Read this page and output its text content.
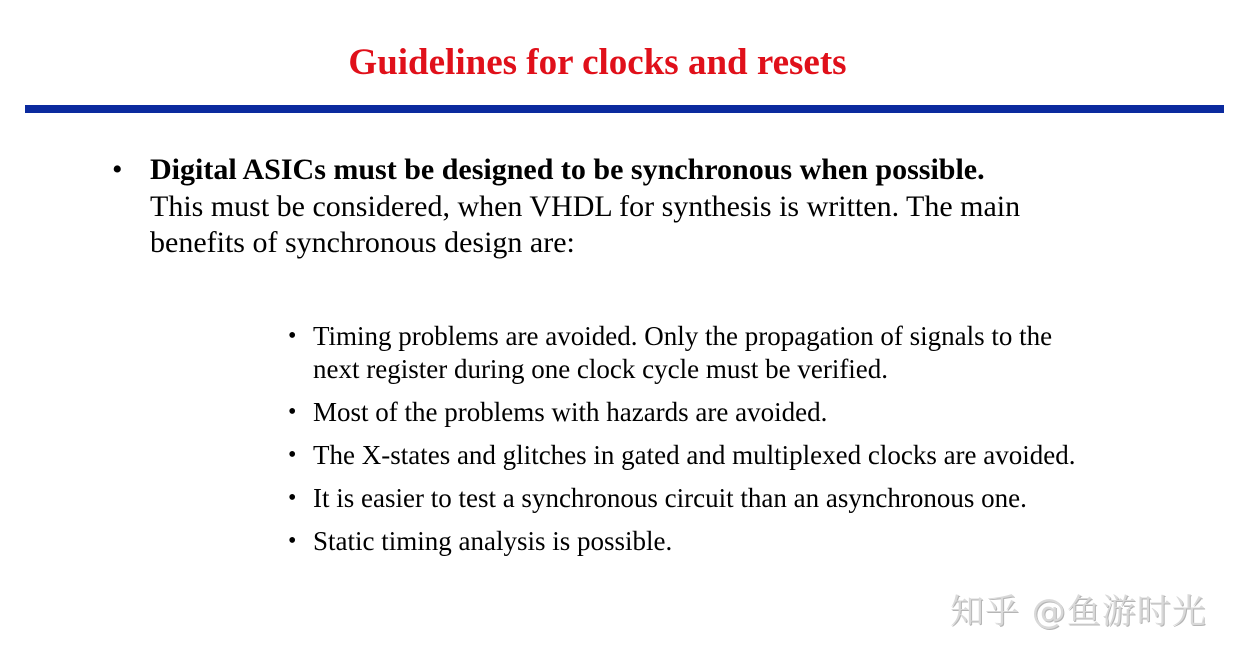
Guidelines for clocks and resets
• Digital ASICs must be designed to be synchronous when possible.
This must be considered, when VHDL for synthesis is written. The main benefits of synchronous design are:
• Timing problems are avoided. Only the propagation of signals to the next register during one clock cycle must be verified.
• Most of the problems with hazards are avoided.
• The X-states and glitches in gated and multiplexed clocks are avoided.
• It is easier to test a synchronous circuit than an asynchronous one.
• Static timing analysis is possible.
知乎 @鱼游时光
